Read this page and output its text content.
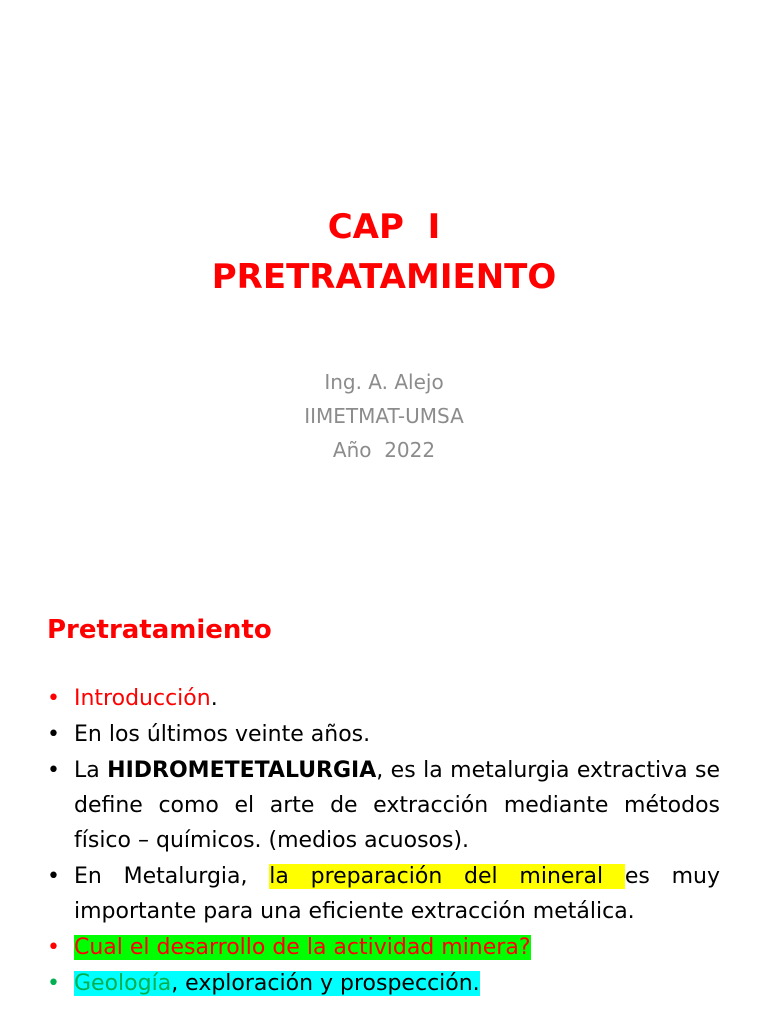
CAP  I
PRETRATAMIENTO
Ing. A. Alejo
IIMETMAT-UMSA
Año  2022
Pretratamiento
• Introducción.
• En los últimos veinte años.
• La HIDROMETETALURGIA, es la metalurgia extractiva se define como el arte de extracción mediante métodos físico – químicos. (medios acuosos).
• En Metalurgia, la preparación del mineral es muy importante para una eficiente extracción metálica.
• Cual el desarrollo de la actividad minera?
• Geología, exploración y prospección.
